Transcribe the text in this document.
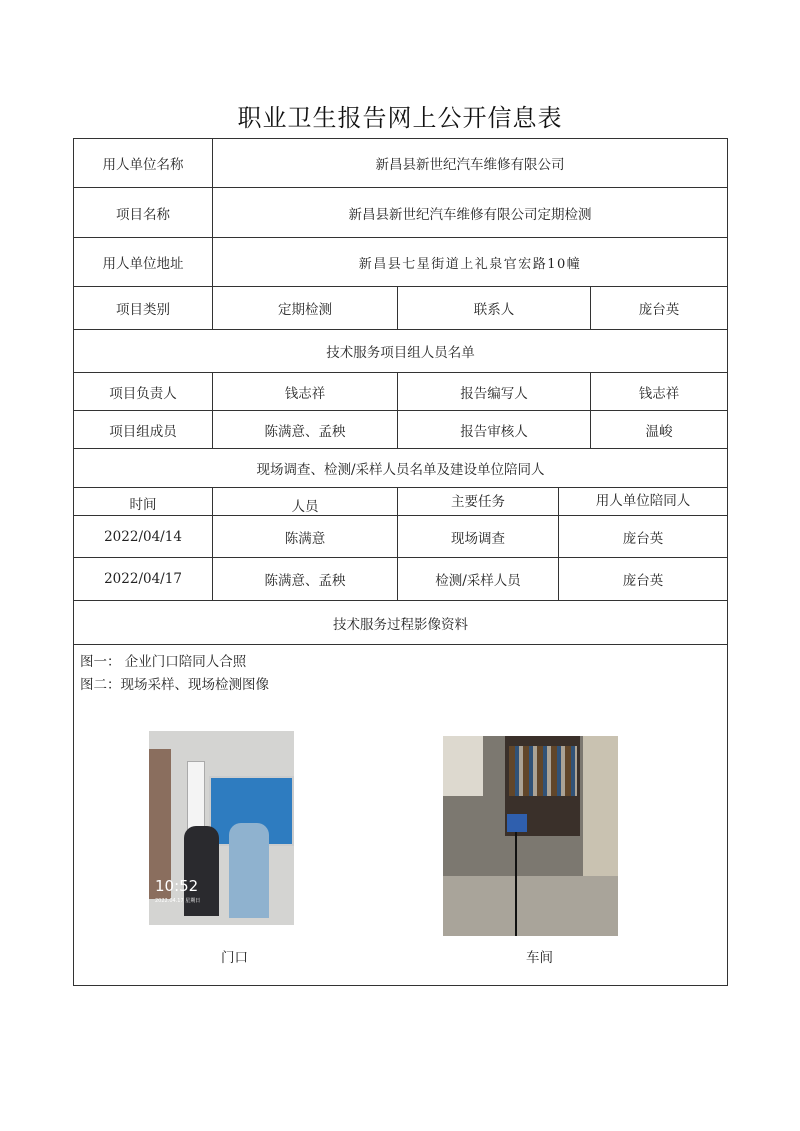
职业卫生报告网上公开信息表
用人单位名称	新昌县新世纪汽车维修有限公司
项目名称	新昌县新世纪汽车维修有限公司定期检测
用人单位地址	新昌县七星街道上礼泉官宏路10幢
项目类别	定期检测	联系人	庞台英
技术服务项目组人员名单
项目负责人	钱志祥	报告编写人	钱志祥
项目组成员	陈满意、孟秧	报告审核人	温峻
现场调查、检测/采样人员名单及建设单位陪同人
时间	人员	主要任务	用人单位陪同人
2022/04/14	陈满意	现场调查	庞台英
2022/04/17	陈满意、孟秧	检测/采样人员	庞台英
技术服务过程影像资料
图一： 企业门口陪同人合照
图二：现场采样、现场检测图像
10:52
2022.04.17 星期日
门口	车间
